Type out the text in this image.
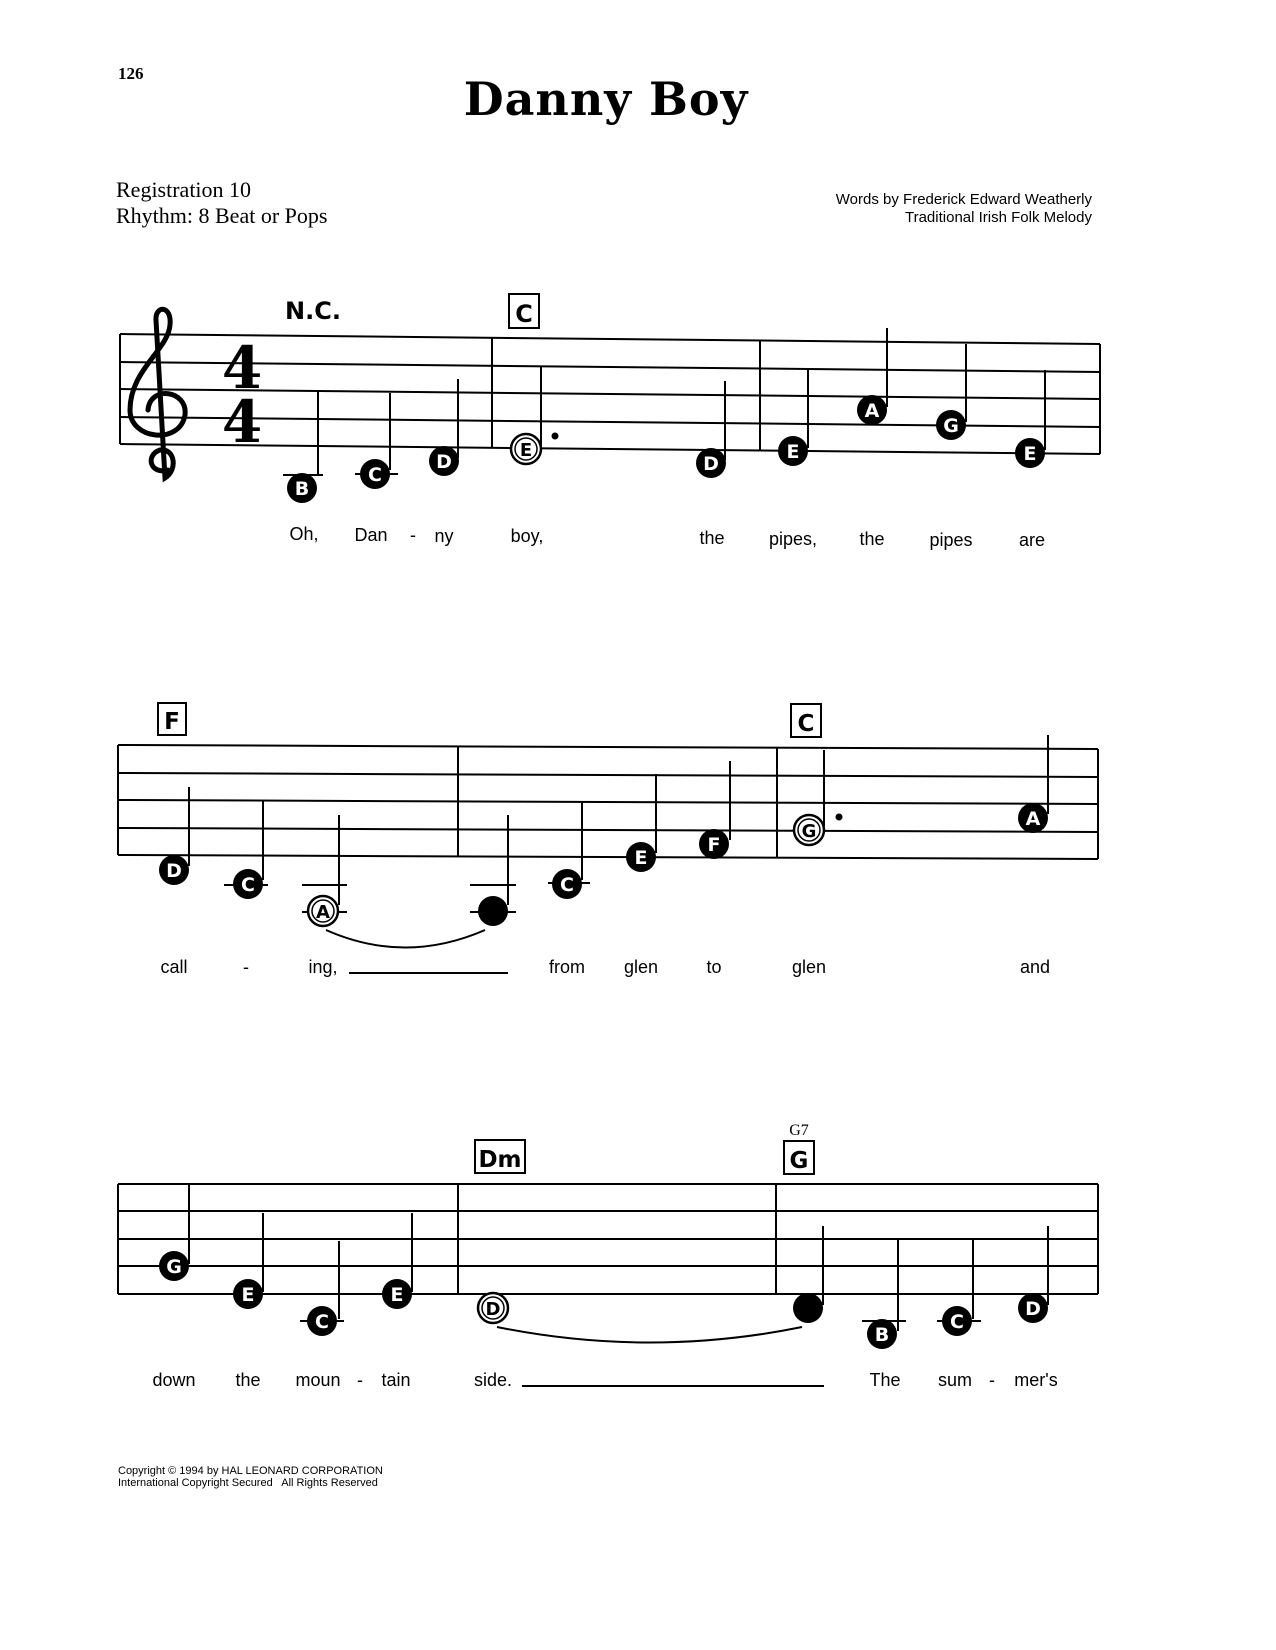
126	Danny Boy
Registration 10
Rhythm: 8 Beat or Pops
Words by Frederick Edward Weatherly
Traditional Irish Folk Melody
4
4
N.C.	C
B
C
D
E
D
E
A
G
E
F	C
D
C
A
C
E
F
G
A
Dm
G7
G
G
E
C
E
D
B
C
D
Oh, Dan - ny	boy,	the pipes, the pipes	are
call	-	ing,	from glen	to	glen	and
down the moun - tain	side.	The sum - mer's
Copyright © 1994 by HAL LEONARD CORPORATION
International Copyright Secured   All Rights Reserved
